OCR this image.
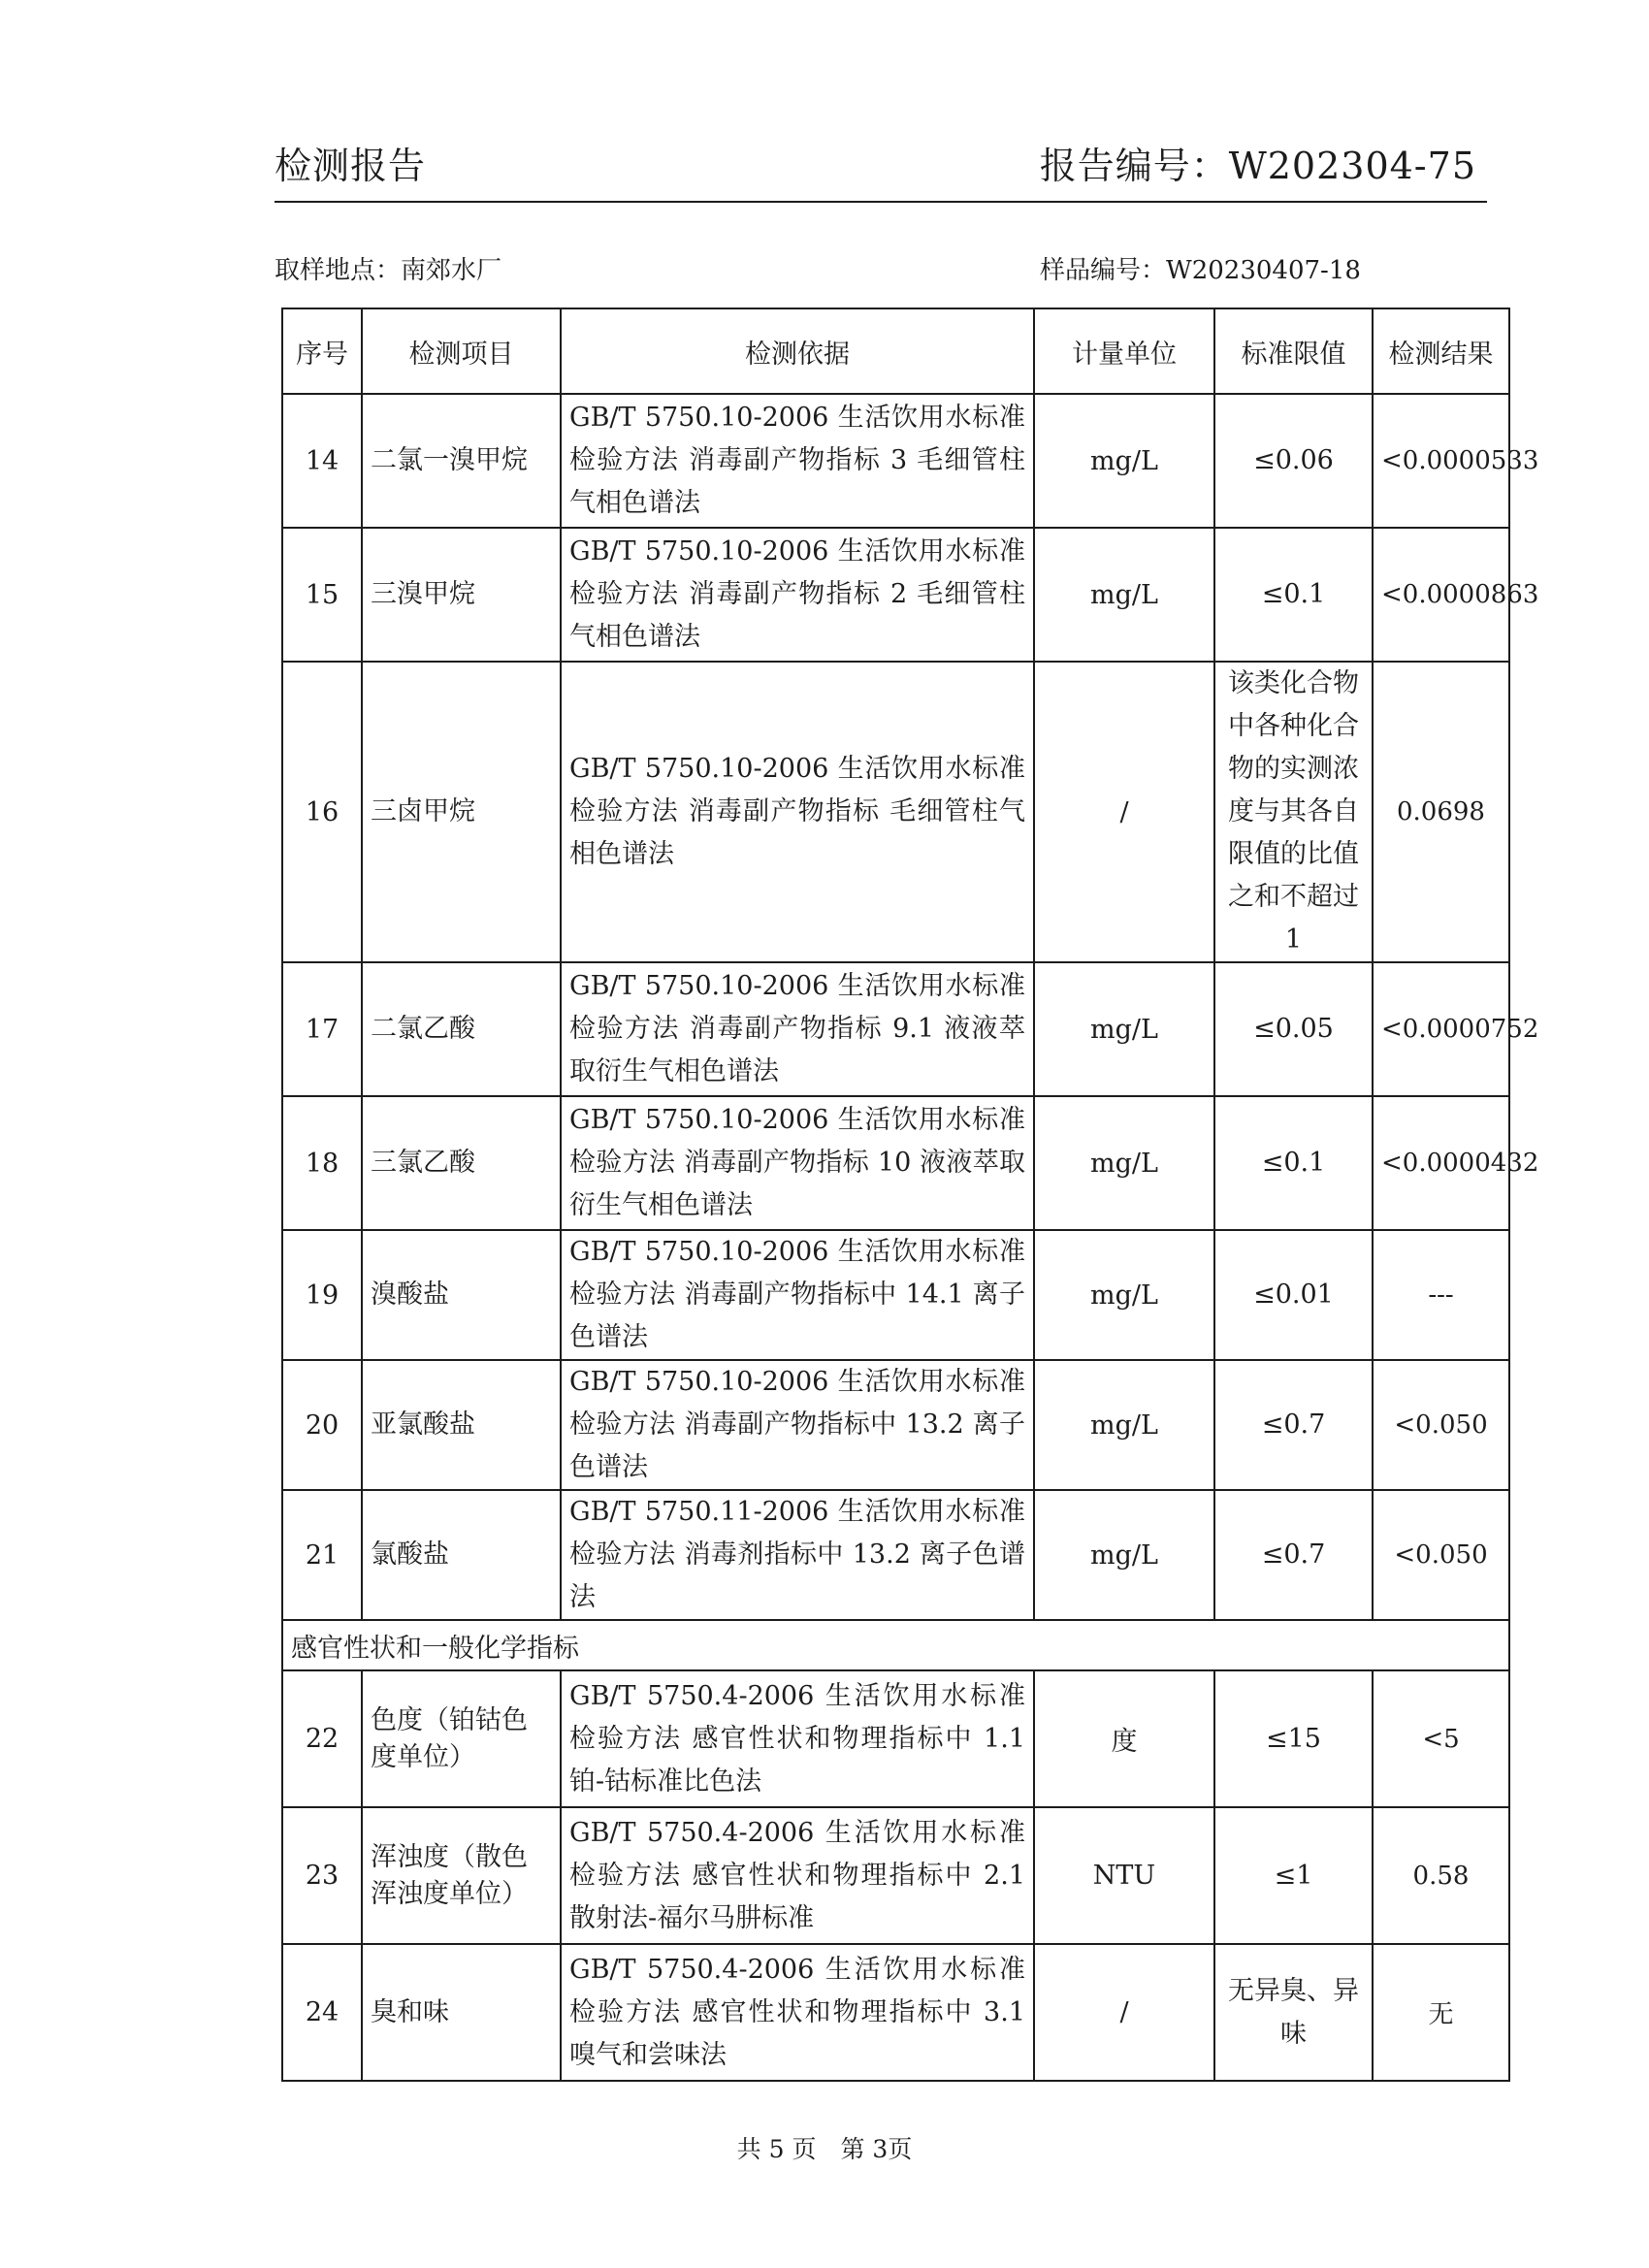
检测报告	报告编号：W202304-75
取样地点：南郊水厂	样品编号：W20230407-18
序号	检测项目	检测依据	计量单位	标准限值	检测结果
14	二氯一溴甲烷	GB/T 5750.10-2006 生活饮用水标准检验方法 消毒副产物指标 3 毛细管柱气相色谱法	mg/L	≤0.06	<0.0000533
15	三溴甲烷	GB/T 5750.10-2006 生活饮用水标准检验方法 消毒副产物指标 2 毛细管柱气相色谱法	mg/L	≤0.1	<0.0000863
16	三卤甲烷	GB/T 5750.10-2006 生活饮用水标准检验方法 消毒副产物指标 毛细管柱气相色谱法	/	该类化合物中各种化合物的实测浓度与其各自限值的比值之和不超过1	0.0698
17	二氯乙酸	GB/T 5750.10-2006 生活饮用水标准检验方法 消毒副产物指标 9.1 液液萃取衍生气相色谱法	mg/L	≤0.05	<0.0000752
18	三氯乙酸	GB/T 5750.10-2006 生活饮用水标准检验方法 消毒副产物指标 10 液液萃取衍生气相色谱法	mg/L	≤0.1	<0.0000432
19	溴酸盐	GB/T 5750.10-2006 生活饮用水标准检验方法 消毒副产物指标中 14.1 离子色谱法	mg/L	≤0.01	---
20	亚氯酸盐	GB/T 5750.10-2006 生活饮用水标准检验方法 消毒副产物指标中 13.2 离子色谱法	mg/L	≤0.7	<0.050
21	氯酸盐	GB/T 5750.11-2006 生活饮用水标准检验方法 消毒剂指标中 13.2 离子色谱法	mg/L	≤0.7	<0.050
感官性状和一般化学指标					
22	色度（铂钴色度单位）	GB/T 5750.4-2006 生活饮用水标准检验方法 感官性状和物理指标中 1.1 铂-钴标准比色法	度	≤15	<5
23	浑浊度（散色浑浊度单位）	GB/T 5750.4-2006 生活饮用水标准检验方法 感官性状和物理指标中 2.1 散射法-福尔马肼标准	NTU	≤1	0.58
24	臭和味	GB/T 5750.4-2006 生活饮用水标准检验方法 感官性状和物理指标中 3.1 嗅气和尝味法	/	无异臭、异味	无
共 5 页　第 3页
